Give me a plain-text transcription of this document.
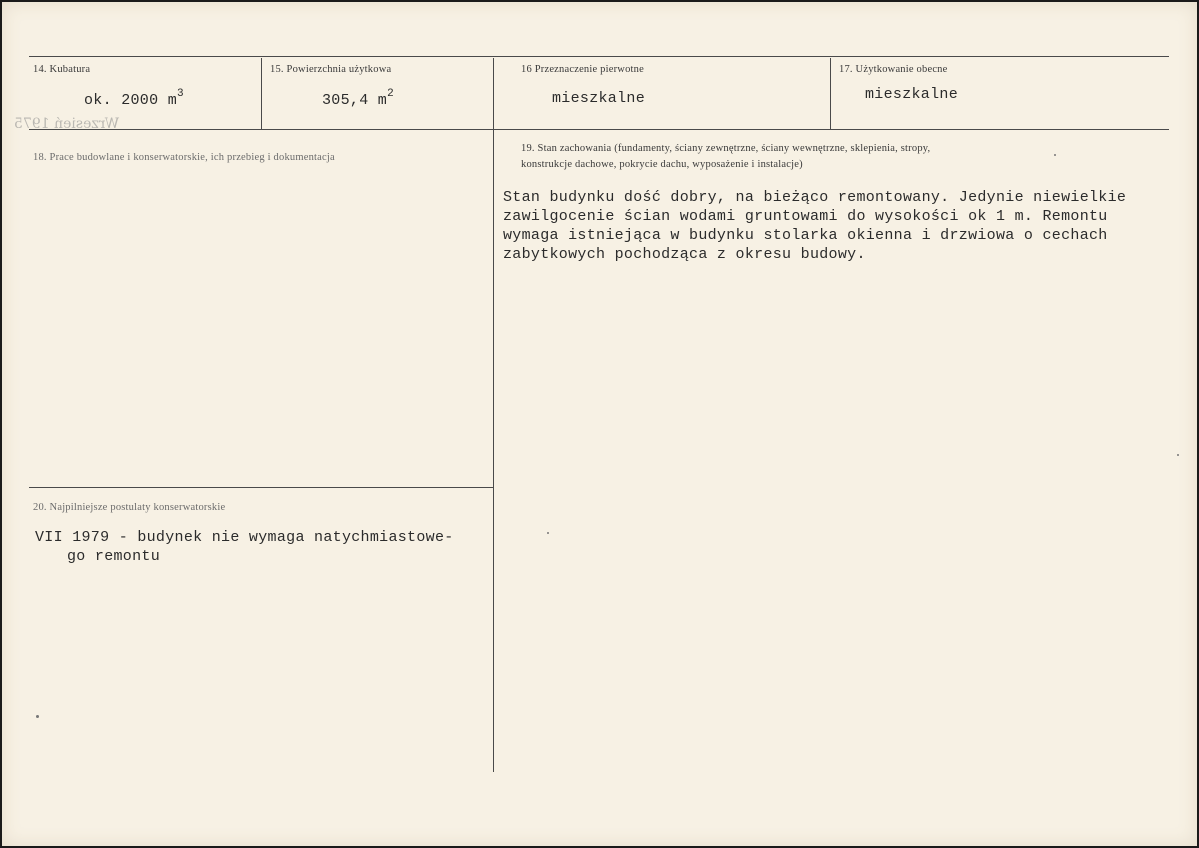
14. Kubatura
ok. 2000 $m^3$
Wrzesień 1975
15. Powierzchnia użytkowa
305,4 $m^2$
16 Przeznaczenie pierwotne
mieszkalne
17. Użytkowanie obecne
mieszkalne
18. Prace budowlane i konserwatorskie, ich przebieg i dokumentacja
19. Stan zachowania (fundamenty, ściany zewnętrzne, ściany wewnętrzne, sklepienia, stropy,
konstrukcje dachowe, pokrycie dachu, wyposażenie i instalacje)
Stan budynku dość dobry, na bieżąco remontowany. Jedynie niewielkie
zawilgocenie ścian wodami gruntowami do wysokości ok 1 m. Remontu
wymaga istniejąca w budynku stolarka okienna i drzwiowa o cechach
zabytkowych pochodząca z okresu budowy.
20. Najpilniejsze postulaty konserwatorskie
VII 1979 - budynek nie wymaga natychmiastowe-
go remontu
